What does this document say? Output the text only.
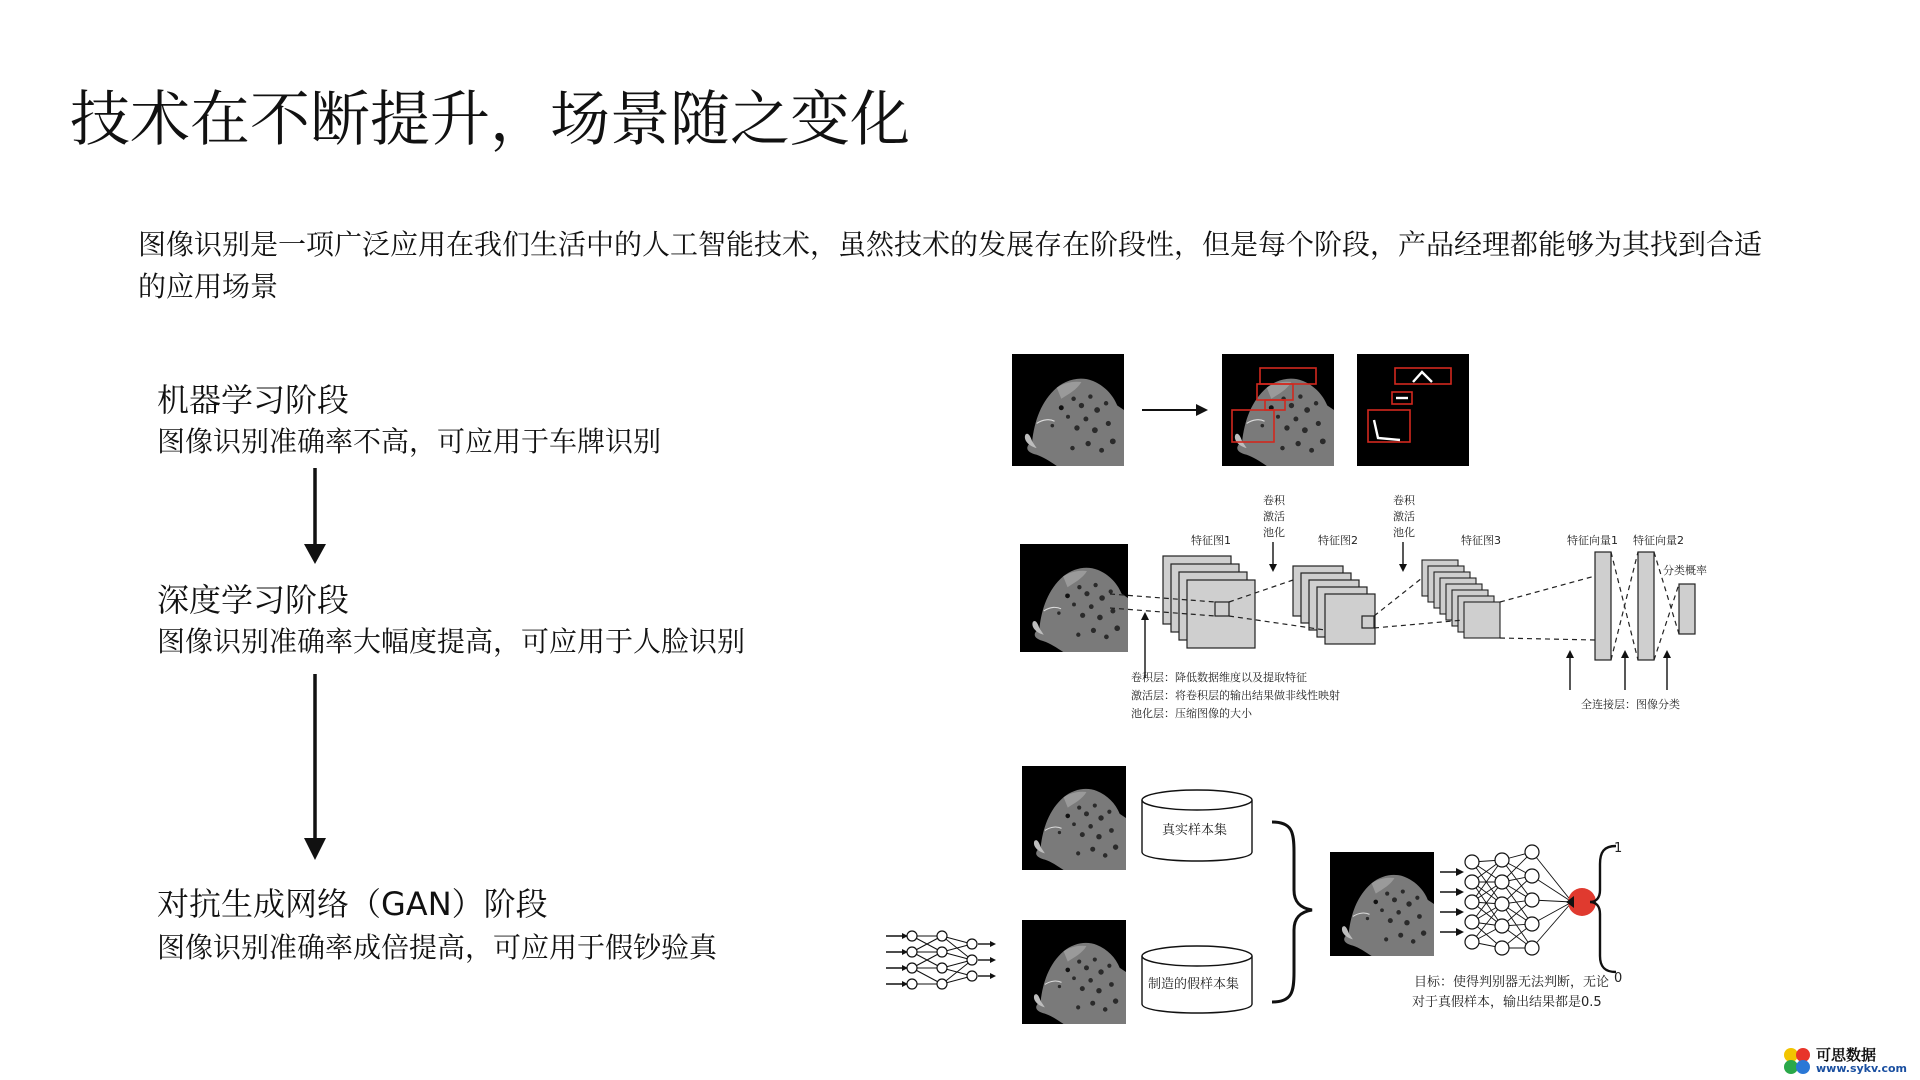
技术在不断提升，场景随之变化
图像识别是一项广泛应用在我们生活中的人工智能技术，虽然技术的发展存在阶段性，但是每个阶段，产品经理都能够为其找到合适的应用场景
机器学习阶段
图像识别准确率不高，可应用于车牌识别
深度学习阶段
图像识别准确率大幅度提高，可应用于人脸识别
对抗生成网络（GAN）阶段
图像识别准确率成倍提高，可应用于假钞验真
卷积
激活
池化
卷积
激活
池化
特征图1	特征图2	特征图3	特征向量1 特征向量2
分类概率
卷积层：降低数据维度以及提取特征
激活层：将卷积层的输出结果做非线性映射
池化层：压缩图像的大小
全连接层：图像分类
真实样本集
制造的假样本集
1
0
目标：使得判别器无法判断，无论
对于真假样本，输出结果都是0.5
可思数据
www.sykv.com
